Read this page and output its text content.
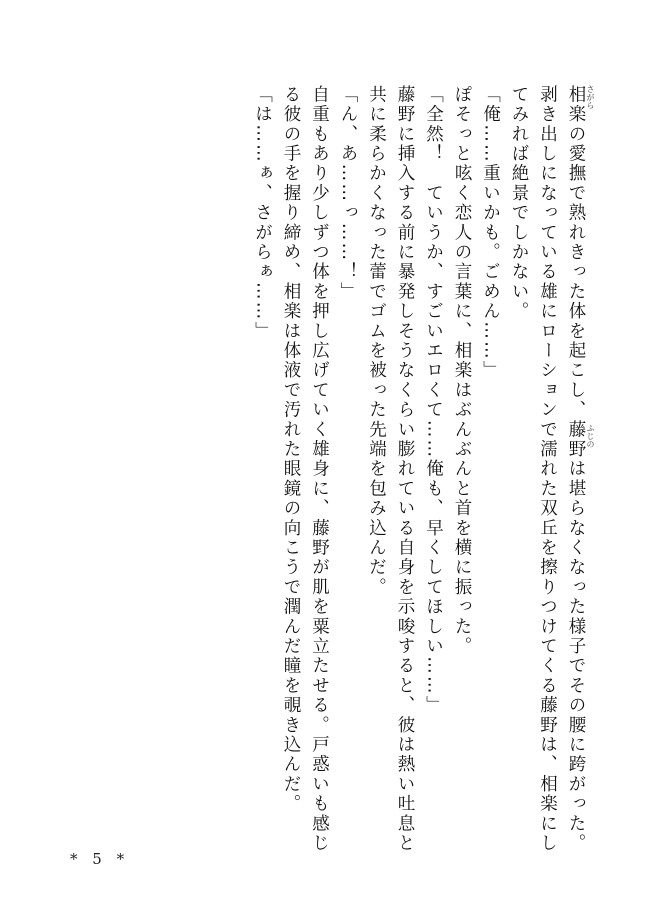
相楽の愛撫で熟れきった体を起こし、藤野は堪らなくなった様子でその腰に跨がった。
剥き出しになっている雄にローションで濡れた双丘を擦りつけてくる藤野は、相楽にし
てみれば絶景でしかない。
「俺……重いかも。ごめん……」
ぽそっと呟く恋人の言葉に、相楽はぶんぶんと首を横に振った。
「全然！　ていうか、すごいエロくて……俺も、早くしてほしい……」
藤野に挿入する前に暴発しそうなくらい膨れている自身を示唆すると、彼は熱い吐息と
共に柔らかくなった蕾でゴムを被った先端を包み込んだ。
「ん、あ……っ……！」
自重もあり少しずつ体を押し広げていく雄身に、藤野が肌を粟立たせる。戸惑いも感じ
る彼の手を握り締め、相楽は体液で汚れた眼鏡の向こうで潤んだ瞳を覗き込んだ。
「は……ぁ、さがらぁ……」	さがら
ふじの
* 5 *
